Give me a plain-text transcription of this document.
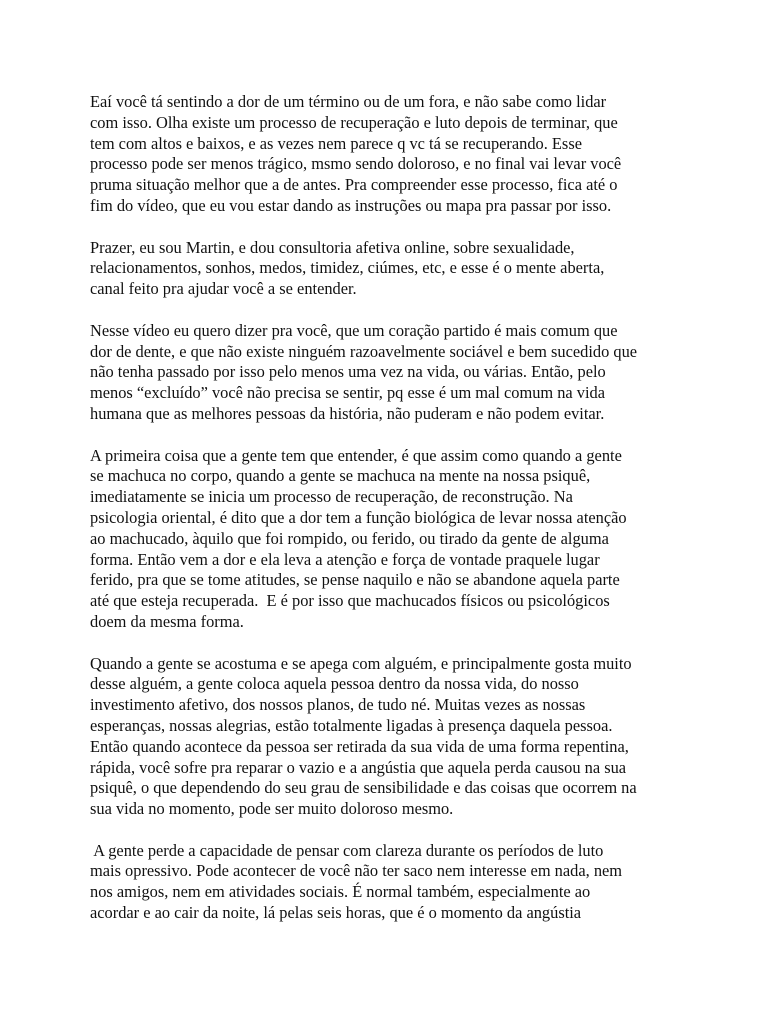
Eaí você tá sentindo a dor de um término ou de um fora, e não sabe como lidar
com isso. Olha existe um processo de recuperação e luto depois de terminar, que
tem com altos e baixos, e as vezes nem parece q vc tá se recuperando. Esse
processo pode ser menos trágico, msmo sendo doloroso, e no final vai levar você
pruma situação melhor que a de antes. Pra compreender esse processo, fica até o
fim do vídeo, que eu vou estar dando as instruções ou mapa pra passar por isso.

Prazer, eu sou Martin, e dou consultoria afetiva online, sobre sexualidade,
relacionamentos, sonhos, medos, timidez, ciúmes, etc, e esse é o mente aberta,
canal feito pra ajudar você a se entender.

Nesse vídeo eu quero dizer pra você, que um coração partido é mais comum que
dor de dente, e que não existe ninguém razoavelmente sociável e bem sucedido que
não tenha passado por isso pelo menos uma vez na vida, ou várias. Então, pelo
menos “excluído” você não precisa se sentir, pq esse é um mal comum na vida
humana que as melhores pessoas da história, não puderam e não podem evitar.

A primeira coisa que a gente tem que entender, é que assim como quando a gente
se machuca no corpo, quando a gente se machuca na mente na nossa psiquê,
imediatamente se inicia um processo de recuperação, de reconstrução. Na
psicologia oriental, é dito que a dor tem a função biológica de levar nossa atenção
ao machucado, àquilo que foi rompido, ou ferido, ou tirado da gente de alguma
forma. Então vem a dor e ela leva a atenção e força de vontade praquele lugar
ferido, pra que se tome atitudes, se pense naquilo e não se abandone aquela parte
até que esteja recuperada.  E é por isso que machucados físicos ou psicológicos
doem da mesma forma.

Quando a gente se acostuma e se apega com alguém, e principalmente gosta muito
desse alguém, a gente coloca aquela pessoa dentro da nossa vida, do nosso
investimento afetivo, dos nossos planos, de tudo né. Muitas vezes as nossas
esperanças, nossas alegrias, estão totalmente ligadas à presença daquela pessoa.
Então quando acontece da pessoa ser retirada da sua vida de uma forma repentina,
rápida, você sofre pra reparar o vazio e a angústia que aquela perda causou na sua
psiquê, o que dependendo do seu grau de sensibilidade e das coisas que ocorrem na
sua vida no momento, pode ser muito doloroso mesmo.

A gente perde a capacidade de pensar com clareza durante os períodos de luto
mais opressivo. Pode acontecer de você não ter saco nem interesse em nada, nem
nos amigos, nem em atividades sociais. É normal também, especialmente ao
acordar e ao cair da noite, lá pelas seis horas, que é o momento da angústia
